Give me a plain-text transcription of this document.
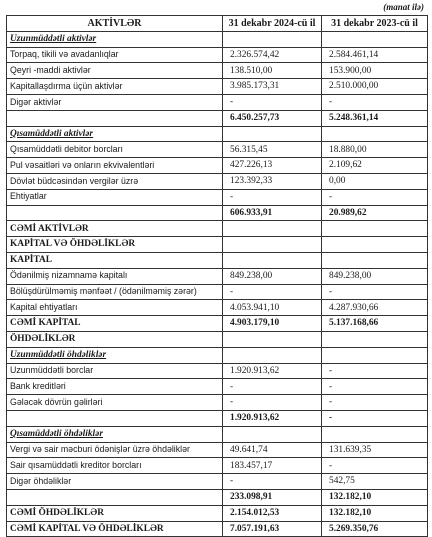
(manat ilə)
AKTİVLƏR	31 dekabr 2024-cü il	31 dekabr 2023-cü il
Uzunmüddətli aktivlər		
Torpaq, tikili və avadanlıqlar	2.326.574,42	2.584.461,14
Qeyri -maddi aktivlər	138.510,00	153.900,00
Kapitallaşdırma üçün aktivlər	3.985.173,31	2.510.000,00
Digər aktivlər	-	-
	6.450.257,73	5.248.361,14
Qısamüddətli aktivlər		
Qısamüddətli debitor borcları	56.315,45	18.880,00
Pul vəsaitləri və onların ekvivalentləri	427.226,13	2.109,62
Dövlət büdcəsindən vergilər üzrə	123.392,33	0,00
Ehtiyatlar	-	-
	606.933,91	20.989,62
CƏMİ AKTİVLƏR		
KAPİTAL VƏ ÖHDƏLİKLƏR		
KAPİTAL		
Ödənilmiş nizamnamə kapitalı	849.238,00	849.238,00
Bölüşdürülməmiş mənfəət / (ödənilməmiş zərər)	-	-
Kapital ehtiyatları	4.053.941,10	4.287.930,66
CƏMİ KAPİTAL	4.903.179,10	5.137.168,66
ÖHDƏLİKLƏR		
Uzunmüddətli öhdəliklər		
Uzunmüddətli borclar	1.920.913,62	-
Bank kreditləri	-	-
Gələcək dövrün gəlirləri	-	-
	1.920.913,62	-
Qısamüddətli öhdəliklər		
Vergi və sair məcburi ödənişlər üzrə öhdəliklər	49.641,74	131.639,35
Sair qısamüddətli kreditor borcları	183.457,17	-
Digər öhdəliklər	-	542,75
	233.098,91	132.182,10
CƏMİ ÖHDƏLİKLƏR	2.154.012,53	132.182,10
CƏMİ KAPİTAL VƏ ÖHDƏLİKLƏR	7.057.191,63	5.269.350,76
